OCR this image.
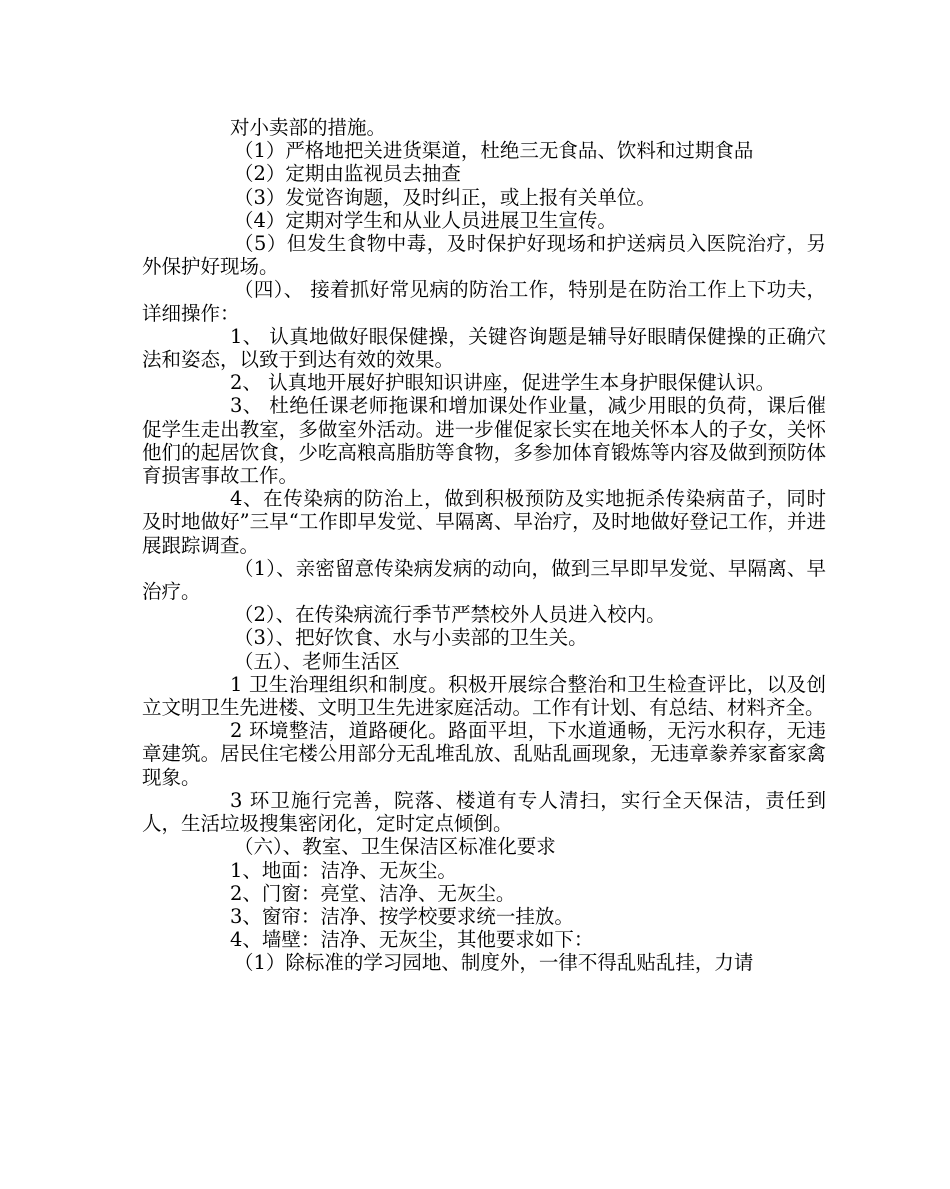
对小卖部的措施。

（1）严格地把关进货渠道，杜绝三无食品、饮料和过期食品

（2）定期由监视员去抽查

（3）发觉咨询题，及时纠正，或上报有关单位。

（4）定期对学生和从业人员进展卫生宣传。

（5）但发生食物中毒，及时保护好现场和护送病员入医院治疗，另外保护好现场。

（四）、 接着抓好常见病的防治工作，特别是在防治工作上下功夫，详细操作：

1、 认真地做好眼保健操，关键咨询题是辅导好眼睛保健操的正确穴法和姿态，以致于到达有效的效果。

2、 认真地开展好护眼知识讲座，促进学生本身护眼保健认识。

3、 杜绝任课老师拖课和增加课处作业量，减少用眼的负荷，课后催促学生走出教室，多做室外活动。进一步催促家长实在地关怀本人的子女，关怀他们的起居饮食，少吃高粮高脂肪等食物，多参加体育锻炼等内容及做到预防体育损害事故工作。

4、在传染病的防治上，做到积极预防及实地扼杀传染病苗子，同时及时地做好”三早“工作即早发觉、早隔离、早治疗，及时地做好登记工作，并进展跟踪调查。

（1）、亲密留意传染病发病的动向，做到三早即早发觉、早隔离、早治疗。

（2）、在传染病流行季节严禁校外人员进入校内。

（3）、把好饮食、水与小卖部的卫生关。

（五）、老师生活区

1 卫生治理组织和制度。积极开展综合整治和卫生检查评比，以及创立文明卫生先进楼、文明卫生先进家庭活动。工作有计划、有总结、材料齐全。

2 环境整洁，道路硬化。路面平坦，下水道通畅，无污水积存，无违章建筑。居民住宅楼公用部分无乱堆乱放、乱贴乱画现象，无违章豢养家畜家禽现象。

3 环卫施行完善，院落、楼道有专人清扫，实行全天保洁，责任到人，生活垃圾搜集密闭化，定时定点倾倒。

（六）、教室、卫生保洁区标准化要求

1、地面：洁净、无灰尘。

2、门窗：亮堂、洁净、无灰尘。

3、窗帘：洁净、按学校要求统一挂放。

4、墙壁：洁净、无灰尘，其他要求如下：

（1）除标准的学习园地、制度外，一律不得乱贴乱挂，力请
